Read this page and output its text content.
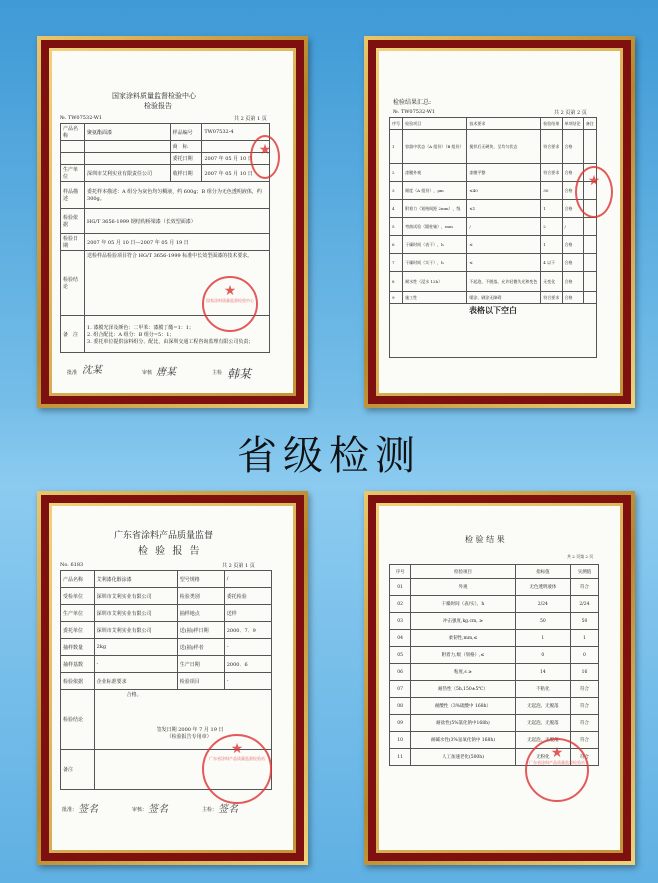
国家涂料质量监督检验中心
检验报告
№. TW07532-W1	共 2 页第 1 页
产品名称	聚氨酯面漆	样品编号	TW07532-4
		商　标	
		委托日期	2007 年 05 月 10 日
生产单位	深圳市艾利实业有限责任公司	收样日期	2007 年 05 月 10 日
样品描述	委托样本描述：A 组分为灰色均匀稠液，约 600g；B 组分为无色透明液体，约 300g。		
检验依据	HG/T 3656-1999 钢结构桥梁漆（长效型面漆）		
检验日期	2007 年 05 月 10 日—2007 年 05 月 19 日		
检验结论	送检样品检验项目符合 HG/T 3656-1999 标准中长效型面漆的技术要求。		
备　注	1. 漆膜光泽及颜色：二甲苯：漆膜丁酯=1：1；
2. 组合配比：A 组分：B 组分=5：1；
3. 委托单位提供涂料组分、配比，由深圳交通工程咨询监理有限公司负责；		
★
国家涂料质量监督检验中心
★
批准 沈某	审核 唐某	主检 韩某
检验结果汇总:
№. TW07532-W1	共 2 页第 2 页
序号	检验项目	技术要求	检验结果	单项结论	备注
1	容器中状态（A 组份）（B 组份）	搅拌后无硬块，呈均匀状态	符合要求	合格	
2	漆膜外观	漆膜平整	符合要求	合格	
3	细度（A 组份），μm	≤40	30	合格	
4	附着力（划格间距 2mm），级	≤1	1	合格	
5	弯曲试验（圆柱轴），mm	/	2	/	
6	干燥时间（表干），h	≤	1	合格	
7	干燥时间（实干），h	≤	4 以下	合格	
8	耐水性（浸水 12h）	不起泡、不脱落，允许轻微失光和变色	无变化	合格	
9	施工性	喷涂、刷涂无障碍	符合要求	合格	
表格以下空白					
★
省级检测
广东省涂料产品质量监督
检 验 报 告
No. 6183	共 2 页第 1 页
产品名称	艾利漆化醇涂漆	型号规格	/
受检单位	深圳市艾利实业有限公司	检验类别	委托检验
生产单位	深圳市艾利实业有限公司	抽样地点	送样
委托单位	深圳市艾利实业有限公司	送(抽)样日期	2000．7．9
抽样数量	2kg	送(抽)样者	-
抽样基数	-	生产日期	2000．6
检验依据	企业标准要求	检验项目	-
检验结论	合格。
签发日期 2000 年 7 月 19 日
（检验报告专用章）		

备注			
★
广东省涂料产品质量监督检验站
批准： 签名	审核： 签名	主检： 签名
检 验 结 果
共 2 页第 2 页
序号	检验项目	指标值	实测值
01	外观	无色透明液体	符合
02	干燥时间（表/实），h	2/24	2/24
03	冲击强度,kg.cm, ≥	50	50
04	柔韧性,mm,≤	1	1
05	附着力,级（划格）,≤	0	0
06	粘度,s ≥	14	16
07	耐热性（5h,150±5℃）	不粘化	符合
08	耐酸性（3%硫酸中 168h）	无起泡、无脱落	符合
09	耐盐性(5%氯化钠中168h)	无起泡、无脱落	符合
10	耐碱水性(3%氢氧化钠中 168h)	无起泡、无脱落	符合
11	人工加速老化(500h)	无粉化	符合
★
广东省涂料产品质量监督检验站
